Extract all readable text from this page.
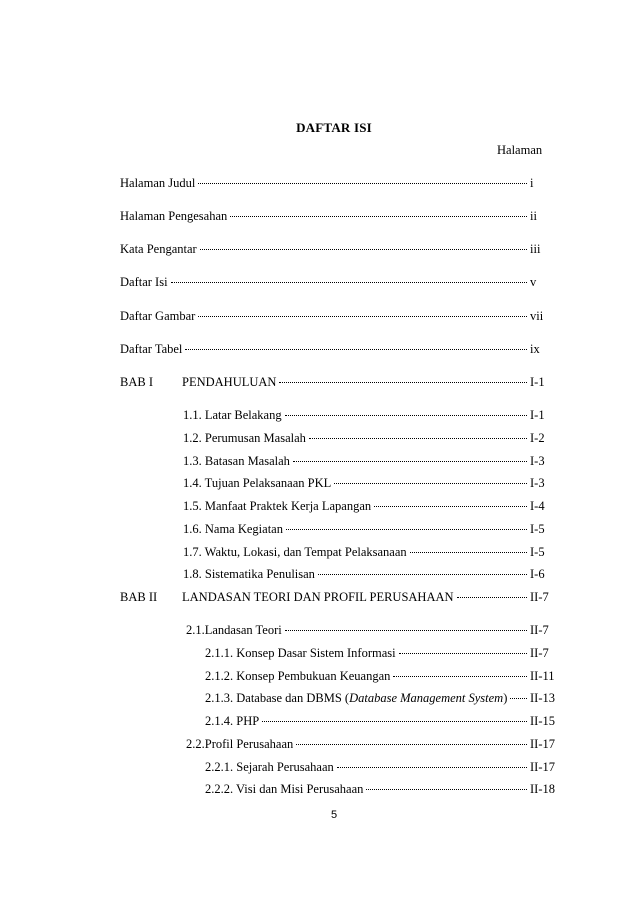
DAFTAR ISI
Halaman
Halaman Judul	i
Halaman Pengesahan	ii
Kata Pengantar	iii
Daftar Isi	v
Daftar Gambar	vii
Daftar Tabel	ix
BAB I PENDAHULUAN	I-1
1.1. Latar Belakang	I-1
1.2. Perumusan Masalah	I-2
1.3. Batasan Masalah	I-3
1.4. Tujuan Pelaksanaan PKL	I-3
1.5. Manfaat Praktek Kerja Lapangan	I-4
1.6. Nama Kegiatan	I-5
1.7. Waktu, Lokasi, dan Tempat Pelaksanaan	I-5
1.8. Sistematika Penulisan	I-6
BAB II LANDASAN TEORI DAN PROFIL PERUSAHAAN	II-7
2.1.Landasan Teori	II-7
2.1.1. Konsep Dasar Sistem Informasi	II-7
2.1.2. Konsep Pembukuan Keuangan	II-11
2.1.3. Database dan DBMS (Database Management System) II-13
2.1.4. PHP	II-15
2.2.Profil Perusahaan	II-17
2.2.1. Sejarah Perusahaan	II-17
2.2.2. Visi dan Misi Perusahaan	II-18
5
